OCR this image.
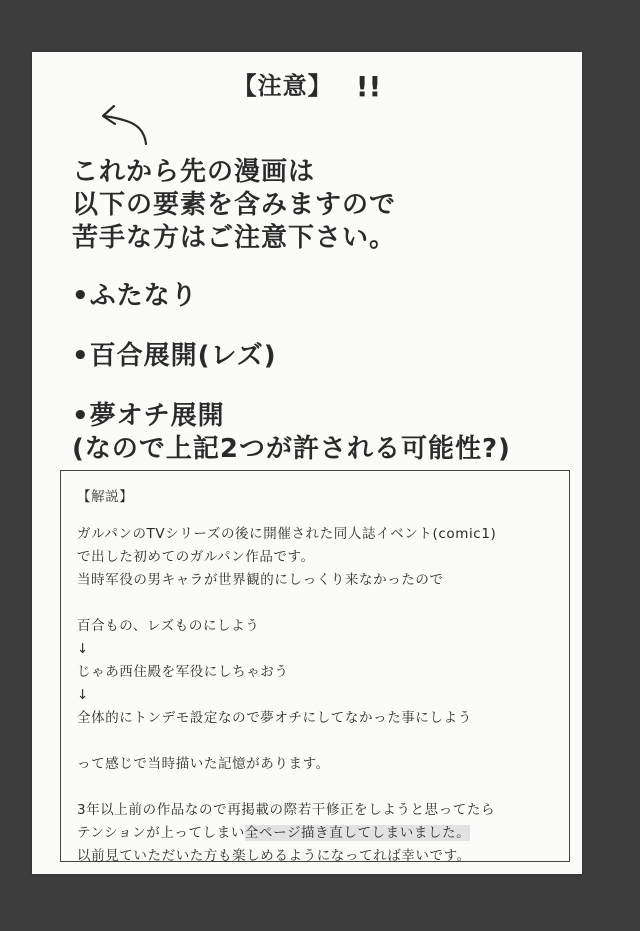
【注意】 !!
これから先の漫画は
以下の要素を含みますので
苦手な方はご注意下さい。
•ふたなり
•百合展開(レズ)
•夢オチ展開
(なので上記2つが許される可能性?)
【解説】
ガルパンのTVシリーズの後に開催された同人誌イベント(comic1)
で出した初めてのガルパン作品です。
当時军役の男キャラが世界観的にしっくり来なかったので
百合もの、レズものにしよう
↓
じゃあ西住殿を军役にしちゃおう
↓
全体的にトンデモ設定なので夢オチにしてなかった事にしよう
って感じで当時描いた記憶があります。
3年以上前の作品なので再掲載の際若干修正をしようと思ってたら
テンションが上ってしまい全ページ描き直してしまいました。
以前見ていただいた方も楽しめるようになってれば幸いです。
